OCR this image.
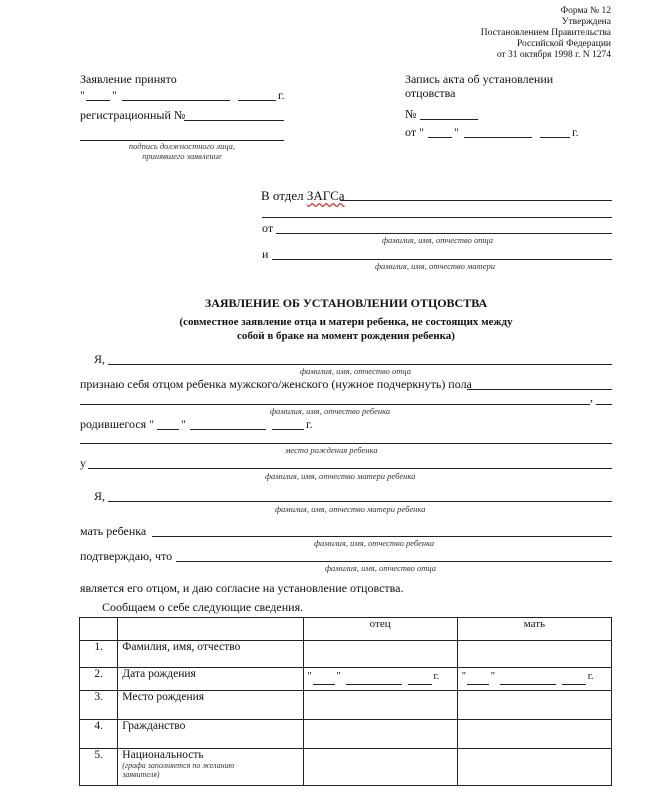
Форма № 12
Утверждена
Постановлением Правительства
Российской Федерации
от 31 октября 1998 г. N 1274
Заявление принято
" "	г.
регистрационный №
подпись должностного лица,
принявшего заявление
Запись акта об установлении
отцовства
№
от "	"	г.
В отдел ЗАГСа
от
фамилия, имя, отчество отца
и
фамилия, имя, отчество матери
ЗАЯВЛЕНИЕ ОБ УСТАНОВЛЕНИИ ОТЦОВСТВА
(совместное заявление отца и матери ребенка, не состоящих между
собой в браке на момент рождения ребенка)
Я,
фамилия, имя, отчество отца
признаю себя отцом ребенка мужского/женского (нужное подчеркнуть) пола
,
фамилия, имя, отчество ребенка
родившегося " "	г.
место рождения ребенка
у
фамилия, имя, отчество матери ребенка
Я,
фамилия, имя, отчество матери ребенка
мать ребенка
фамилия, имя, отчество ребенка
подтверждаю, что
фамилия, имя, отчество отца
является его отцом, и даю согласие на установление отцовства.
Сообщаем о себе следующие сведения.
		отец	мать
1.	Фамилия, имя, отчество		
2.	Дата рождения	" " г.	" " г.

3.	Место рождения		
4.	Гражданство		
5.	Национальность
(графа заполняется по желанию
заявителя)		
